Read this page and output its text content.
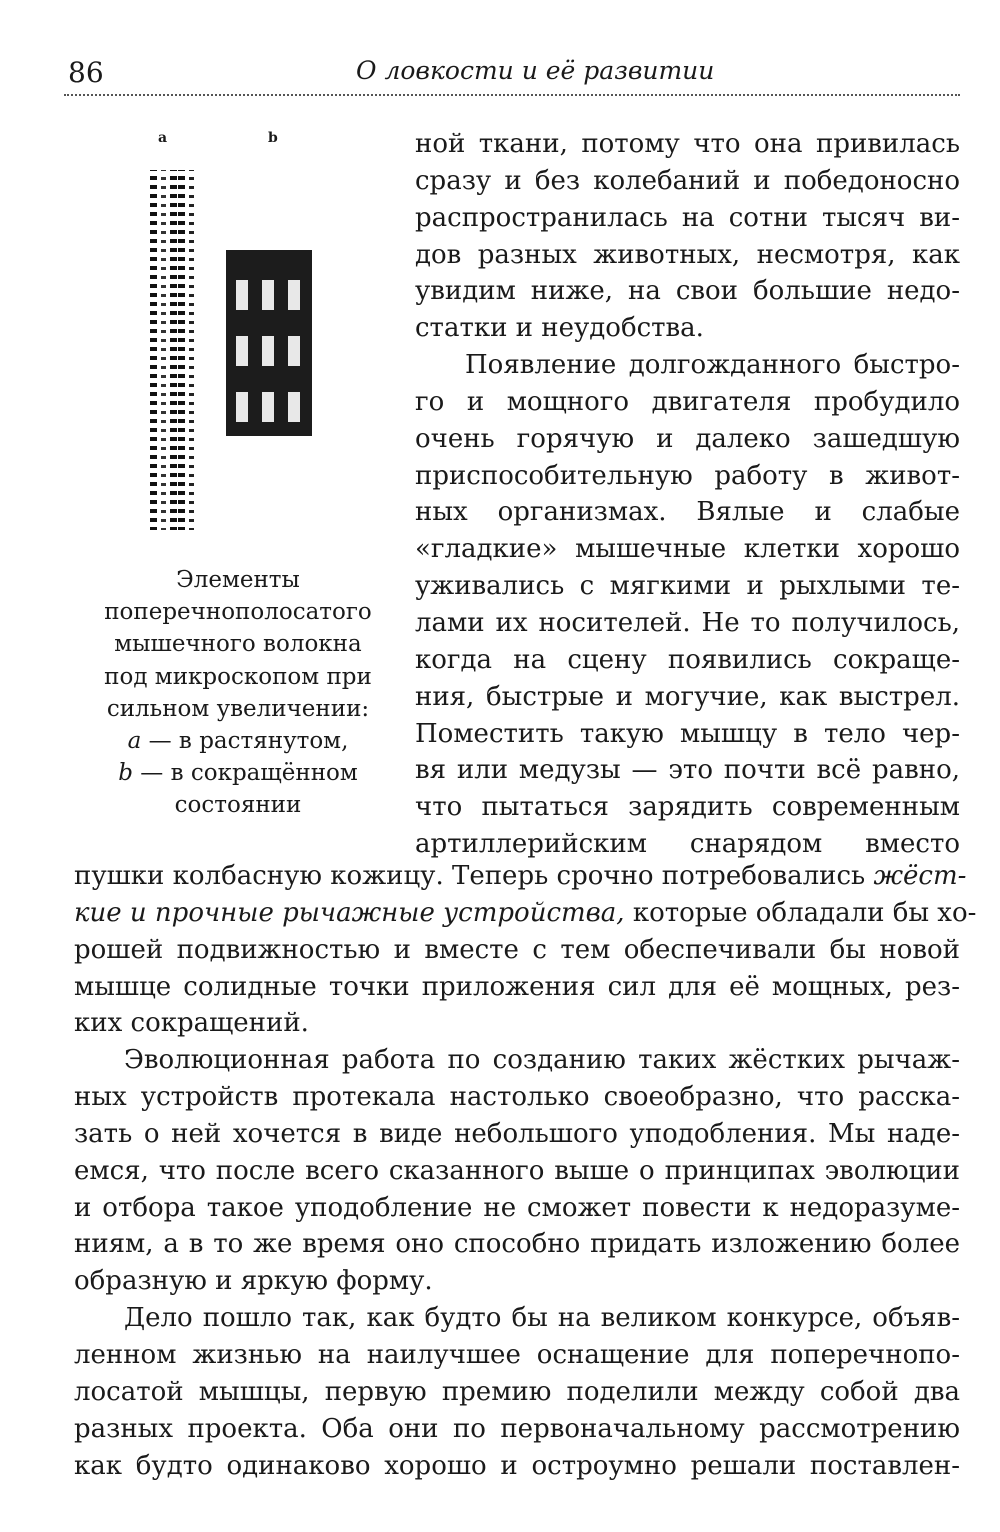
86	О ловкости и её развитии
a	b
Элементы
поперечнополосатого
мышечного волокна
под микроскопом при
сильном увеличении:
a — в растянутом,
b — в сокращённом
состоянии
ной ткани, потому что она привилась
сразу и без колебаний и победоносно
распространилась на сотни тысяч ви-
дов разных животных, несмотря, как
увидим ниже, на свои большие недо-
статки и неудобства.
Появление долгожданного быстро-
го и мощного двигателя пробудило
очень горячую и далеко зашедшую
приспособительную работу в живот-
ных организмах. Вялые и слабые
«гладкие» мышечные клетки хорошо
уживались с мягкими и рыхлыми те-
лами их носителей. Не то получилось,
когда на сцену появились сокраще-
ния, быстрые и могучие, как выстрел.
Поместить такую мышцу в тело чер-
вя или медузы — это почти всё равно,
что пытаться зарядить современным
артиллерийским снарядом вместо
пушки колбасную кожицу. Теперь срочно потребовались жёст-
кие и прочные рычажные устройства, которые обладали бы хо-
рошей подвижностью и вместе с тем обеспечивали бы новой
мышце солидные точки приложения сил для её мощных, рез-
ких сокращений.
Эволюционная работа по созданию таких жёстких рычаж-
ных устройств протекала настолько своеобразно, что расска-
зать о ней хочется в виде небольшого уподобления. Мы наде-
емся, что после всего сказанного выше о принципах эволюции
и отбора такое уподобление не сможет повести к недоразуме-
ниям, а в то же время оно способно придать изложению более
образную и яркую форму.
Дело пошло так, как будто бы на великом конкурсе, объяв-
ленном жизнью на наилучшее оснащение для поперечнопо-
лосатой мышцы, первую премию поделили между собой два
разных проекта. Оба они по первоначальному рассмотрению
как будто одинаково хорошо и остроумно решали поставлен-
